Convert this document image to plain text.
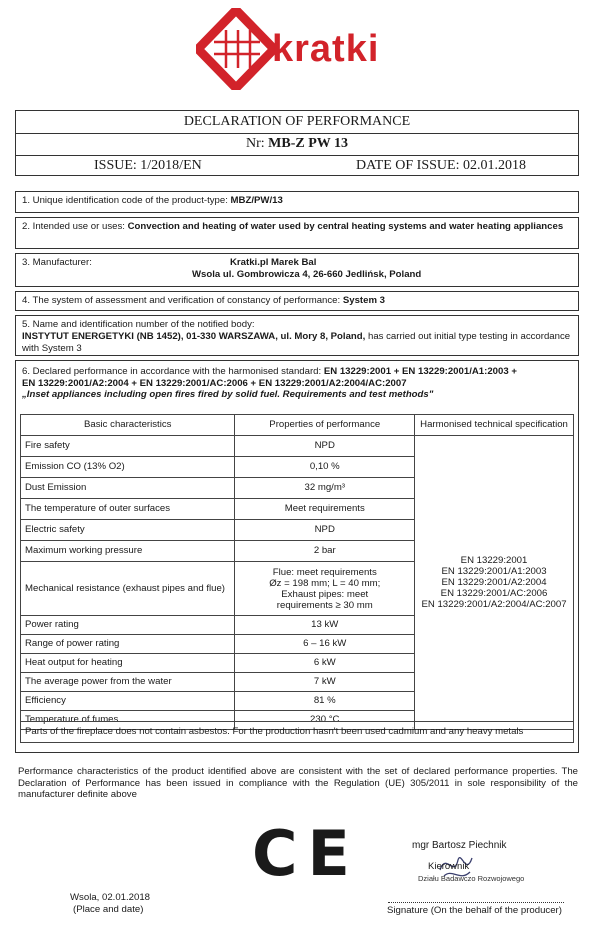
kratki
DECLARATION OF PERFORMANCE
Nr: MB-Z PW 13
ISSUE: 1/2018/EN	DATE OF ISSUE: 02.01.2018
1. Unique identification code of the product-type: MBZ/PW/13
2. Intended use or uses: Convection and heating of water used by central heating systems and water heating appliances
3. Manufacturer:	Kratki.pl Marek Bal
Wsola ul. Gombrowicza 4, 26-660 Jedlińsk, Poland
4. The system of assessment and verification of constancy of performance: System 3
5. Name and identification number of the notified body:
INSTYTUT ENERGETYKI (NB 1452), 01-330 WARSZAWA, ul. Mory 8, Poland, has carried out initial type testing in accordance with System 3
6. Declared performance in accordance with the harmonised standard: EN 13229:2001 + EN 13229:2001/A1:2003 +
EN 13229:2001/A2:2004 + EN 13229:2001/AC:2006 + EN 13229:2001/A2:2004/AC:2007
„Inset appliances including open fires fired by solid fuel. Requirements and test methods"
Basic characteristics	Properties of performance	Harmonised technical specification
Fire safety	NPD	EN 13229:2001
EN 13229:2001/A1:2003
EN 13229:2001/A2:2004
EN 13229:2001/AC:2006
EN 13229:2001/A2:2004/AC:2007

Emission CO (13% O2)	0,10 %	
Dust Emission	32 mg/m³	
The temperature of outer surfaces	Meet requirements	
Electric safety	NPD	
Maximum working pressure	2 bar	
Mechanical resistance (exhaust pipes and flue)	Flue: meet requirements
Øz = 198 mm; L = 40 mm;
Exhaust pipes: meet
requirements ≥ 30 mm	

Power rating	13 kW	
Range of power rating	6 – 16 kW	
Heat output for heating	6 kW	
The average power from the water	7 kW	
Efficiency	81 %	
Temperature of fumes	230 °C	
Parts of the fireplace does not contain asbestos. For the production hasn't been used cadmium and any heavy metals
Performance characteristics of the product identified above are consistent with the set of declared performance properties. The Declaration of Performance has been issued in compliance with the Regulation (UE) 305/2011 in sole responsibility of the manufacturer definite above
CE	mgr Bartosz Piechnik
Kierownik
Działu Badawczo Rozwojowego
Wsola, 02.01.2018
(Place and date)	Signature (On the behalf of the producer)
